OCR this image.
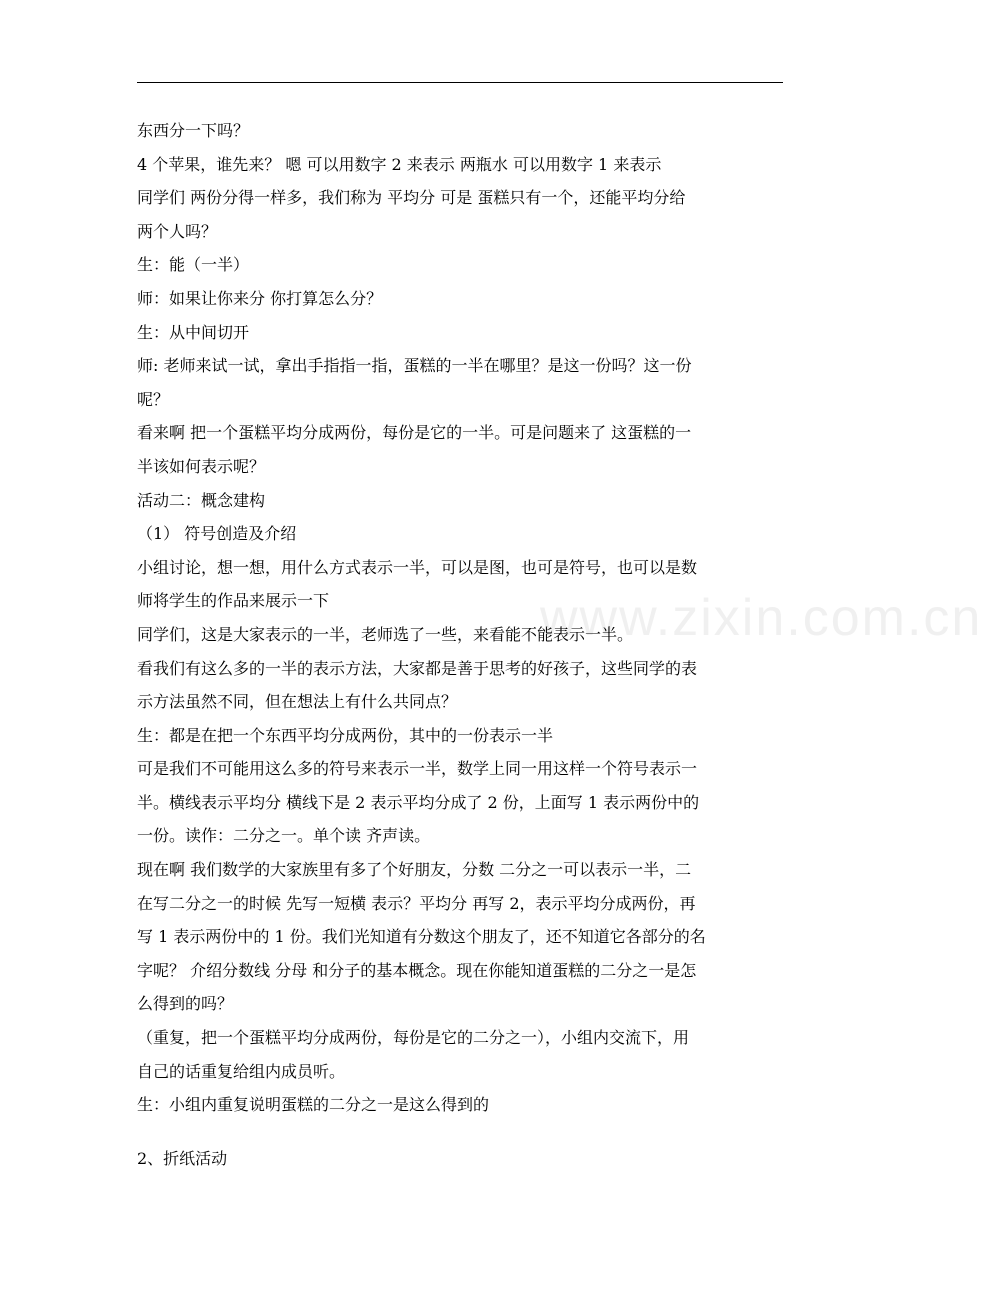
www.zixin.com.cn
东西分一下吗？
4 个苹果，谁先来？ 嗯 可以用数字 2 来表示 两瓶水 可以用数字 1 来表示
同学们 两份分得一样多，我们称为 平均分 可是 蛋糕只有一个，还能平均分给
两个人吗？
生：能（一半）
师：如果让你来分 你打算怎么分？
生：从中间切开
师: 老师来试一试，拿出手指指一指，蛋糕的一半在哪里？是这一份吗？这一份
呢？
看来啊 把一个蛋糕平均分成两份，每份是它的一半。可是问题来了 这蛋糕的一
半该如何表示呢？
活动二：概念建构
（1） 符号创造及介绍
小组讨论，想一想，用什么方式表示一半，可以是图，也可是符号，也可以是数
师将学生的作品来展示一下
同学们，这是大家表示的一半，老师选了一些，来看能不能表示一半。
看我们有这么多的一半的表示方法，大家都是善于思考的好孩子，这些同学的表
示方法虽然不同，但在想法上有什么共同点？
生：都是在把一个东西平均分成两份，其中的一份表示一半
可是我们不可能用这么多的符号来表示一半，数学上同一用这样一个符号表示一
半。横线表示平均分 横线下是 2 表示平均分成了 2 份，上面写 1 表示两份中的
一份。读作：二分之一。单个读 齐声读。
现在啊 我们数学的大家族里有多了个好朋友，分数 二分之一可以表示一半，二
在写二分之一的时候 先写一短横 表示？平均分 再写 2，表示平均分成两份，再
写 1 表示两份中的 1 份。我们光知道有分数这个朋友了，还不知道它各部分的名
字呢？ 介绍分数线 分母 和分子的基本概念。现在你能知道蛋糕的二分之一是怎
么得到的吗？
（重复，把一个蛋糕平均分成两份，每份是它的二分之一），小组内交流下，用
自己的话重复给组内成员听。
生：小组内重复说明蛋糕的二分之一是这么得到的
2、折纸活动
